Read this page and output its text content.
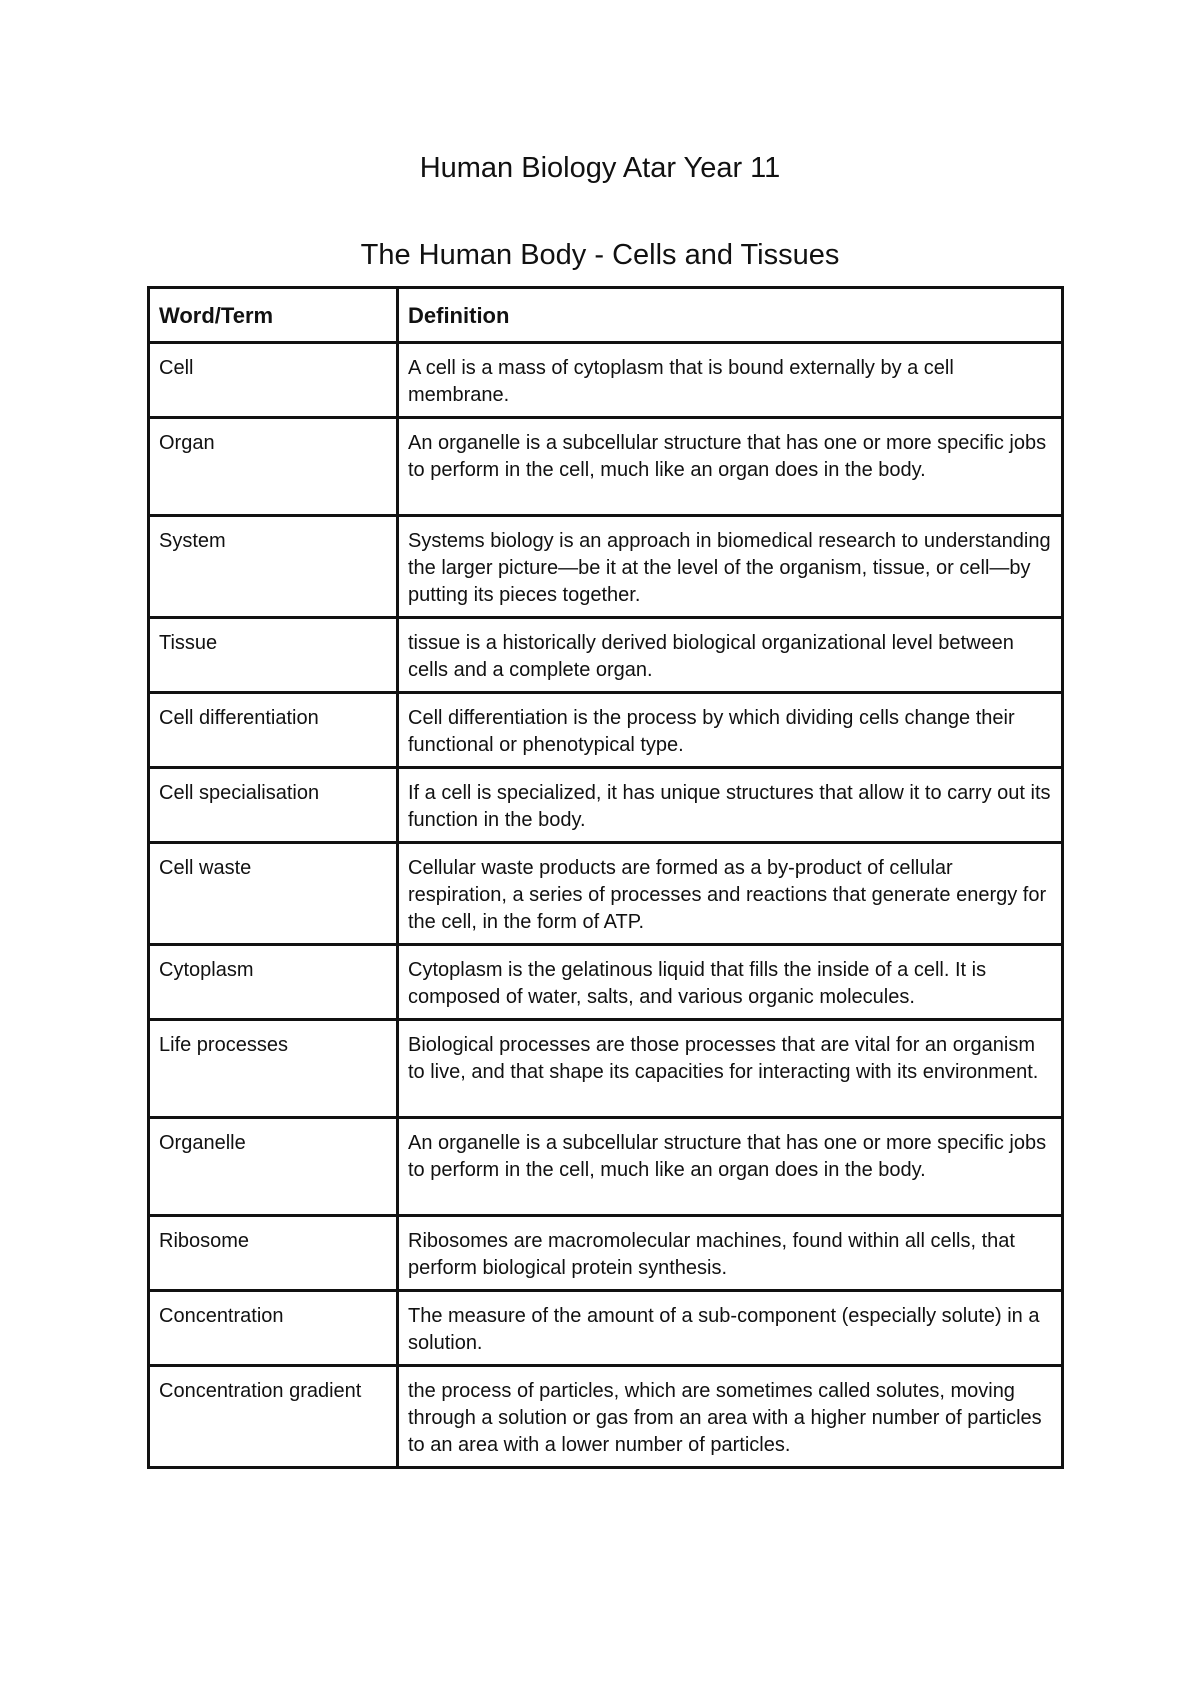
Human Biology Atar Year 11
The Human Body - Cells and Tissues
Word/Term	Definition
Cell	A cell is a mass of cytoplasm that is bound externally by a cell membrane.
Organ	An organelle is a subcellular structure that has one or more specific jobs to perform in the cell, much like an organ does in the body.
System	Systems biology is an approach in biomedical research to understanding the larger picture—be it at the level of the organism, tissue, or cell—by putting its pieces together.
Tissue	tissue is a historically derived biological organizational level between cells and a complete organ.
Cell differentiation	Cell differentiation is the process by which dividing cells change their functional or phenotypical type.
Cell specialisation	If a cell is specialized, it has unique structures that allow it to carry out its function in the body.
Cell waste	Cellular waste products are formed as a by-product of cellular respiration, a series of processes and reactions that generate energy for the cell, in the form of ATP.
Cytoplasm	Cytoplasm is the gelatinous liquid that fills the inside of a cell. It is composed of water, salts, and various organic molecules.
Life processes	Biological processes are those processes that are vital for an organism to live, and that shape its capacities for interacting with its environment.
Organelle	An organelle is a subcellular structure that has one or more specific jobs to perform in the cell, much like an organ does in the body.
Ribosome	Ribosomes are macromolecular machines, found within all cells, that perform biological protein synthesis.
Concentration	The measure of the amount of a sub-component (especially solute) in a solution.
Concentration gradient	the process of particles, which are sometimes called solutes, moving through a solution or gas from an area with a higher number of particles to an area with a lower number of particles.
